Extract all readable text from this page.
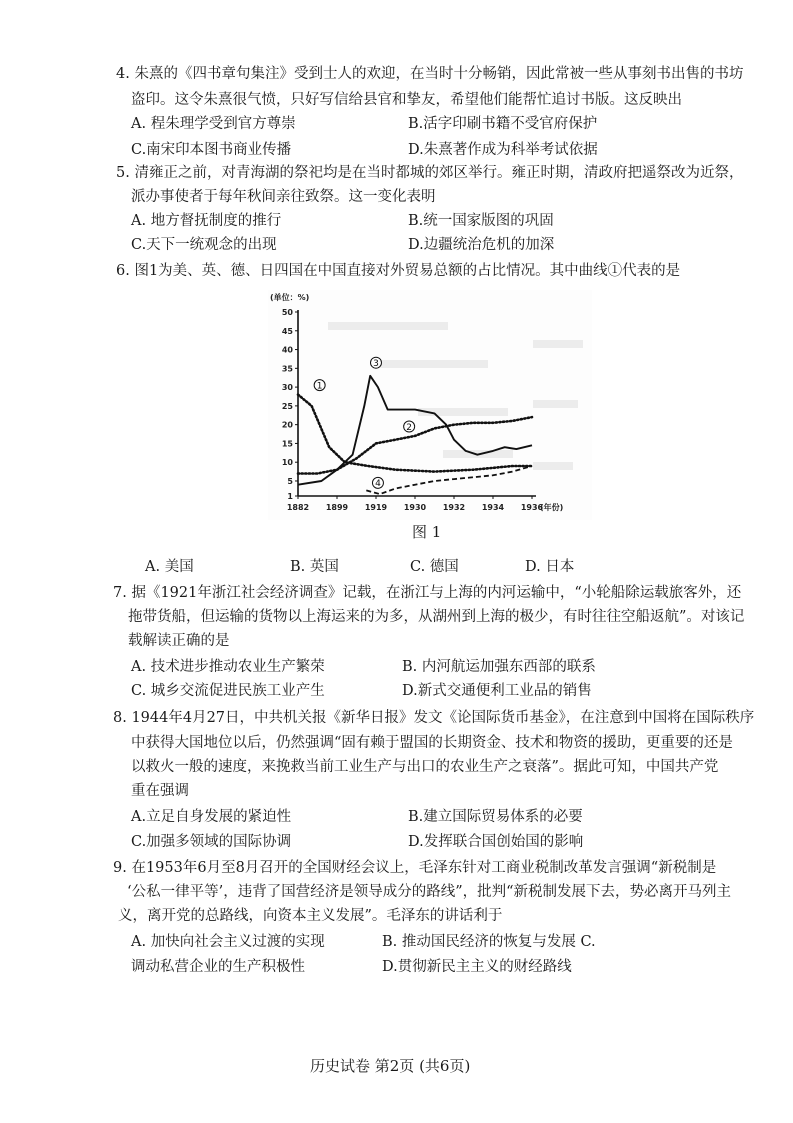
4. 朱熹的《四书章句集注》受到士人的欢迎，在当时十分畅销，因此常被一些从事刻书出售的书坊
盗印。这令朱熹很气愤，只好写信给县官和挚友，希望他们能帮忙追讨书版。这反映出
A. 程朱理学受到官方尊崇	B.活字印刷书籍不受官府保护
C.南宋印本图书商业传播	D.朱熹著作成为科举考试依据
5. 清雍正之前，对青海湖的祭祀均是在当时都城的郊区举行。雍正时期，清政府把遥祭改为近祭，
派办事使者于每年秋间亲往致祭。这一变化表明
A. 地方督抚制度的推行	B.统一国家版图的巩固
C.天下一统观念的出现	D.边疆统治危机的加深
6. 图1为美、英、德、日四国在中国直接对外贸易总额的占比情况。其中曲线①代表的是
(单位：%)
1
5
10
15
20
25
30
35
40
45
50
1882 1899 1919 1930 1932 1934 1936
(年份)
1
2
3
4
图 1
A. 美国	B. 英国	C. 德国	D. 日本
7. 据《1921年浙江社会经济调查》记载，在浙江与上海的内河运输中，“小轮船除运载旅客外，还
拖带货船，但运输的货物以上海运来的为多，从湖州到上海的极少，有时往往空船返航”。对该记
载解读正确的是
A. 技术进步推动农业生产繁荣	B. 内河航运加强东西部的联系
C. 城乡交流促进民族工业产生	D.新式交通便利工业品的销售
8. 1944年4月27日，中共机关报《新华日报》发文《论国际货币基金》，在注意到中国将在国际秩序
中获得大国地位以后，仍然强调“固有赖于盟国的长期资金、技术和物资的援助，更重要的还是
以救火一般的速度，来挽救当前工业生产与出口的农业生产之衰落”。据此可知，中国共产党
重在强调
A.立足自身发展的紧迫性	B.建立国际贸易体系的必要
C.加强多领域的国际协调	D.发挥联合国创始国的影响
9. 在1953年6月至8月召开的全国财经会议上，毛泽东针对工商业税制改革发言强调“新税制是
‘公私一律平等’，违背了国营经济是领导成分的路线”，批判“新税制发展下去，势必离开马列主
义，离开党的总路线，向资本主义发展”。毛泽东的讲话利于
A. 加快向社会主义过渡的实现	B. 推动国民经济的恢复与发展 C.
调动私营企业的生产积极性	D.贯彻新民主主义的财经路线
历史试卷 第2页 (共6页)
